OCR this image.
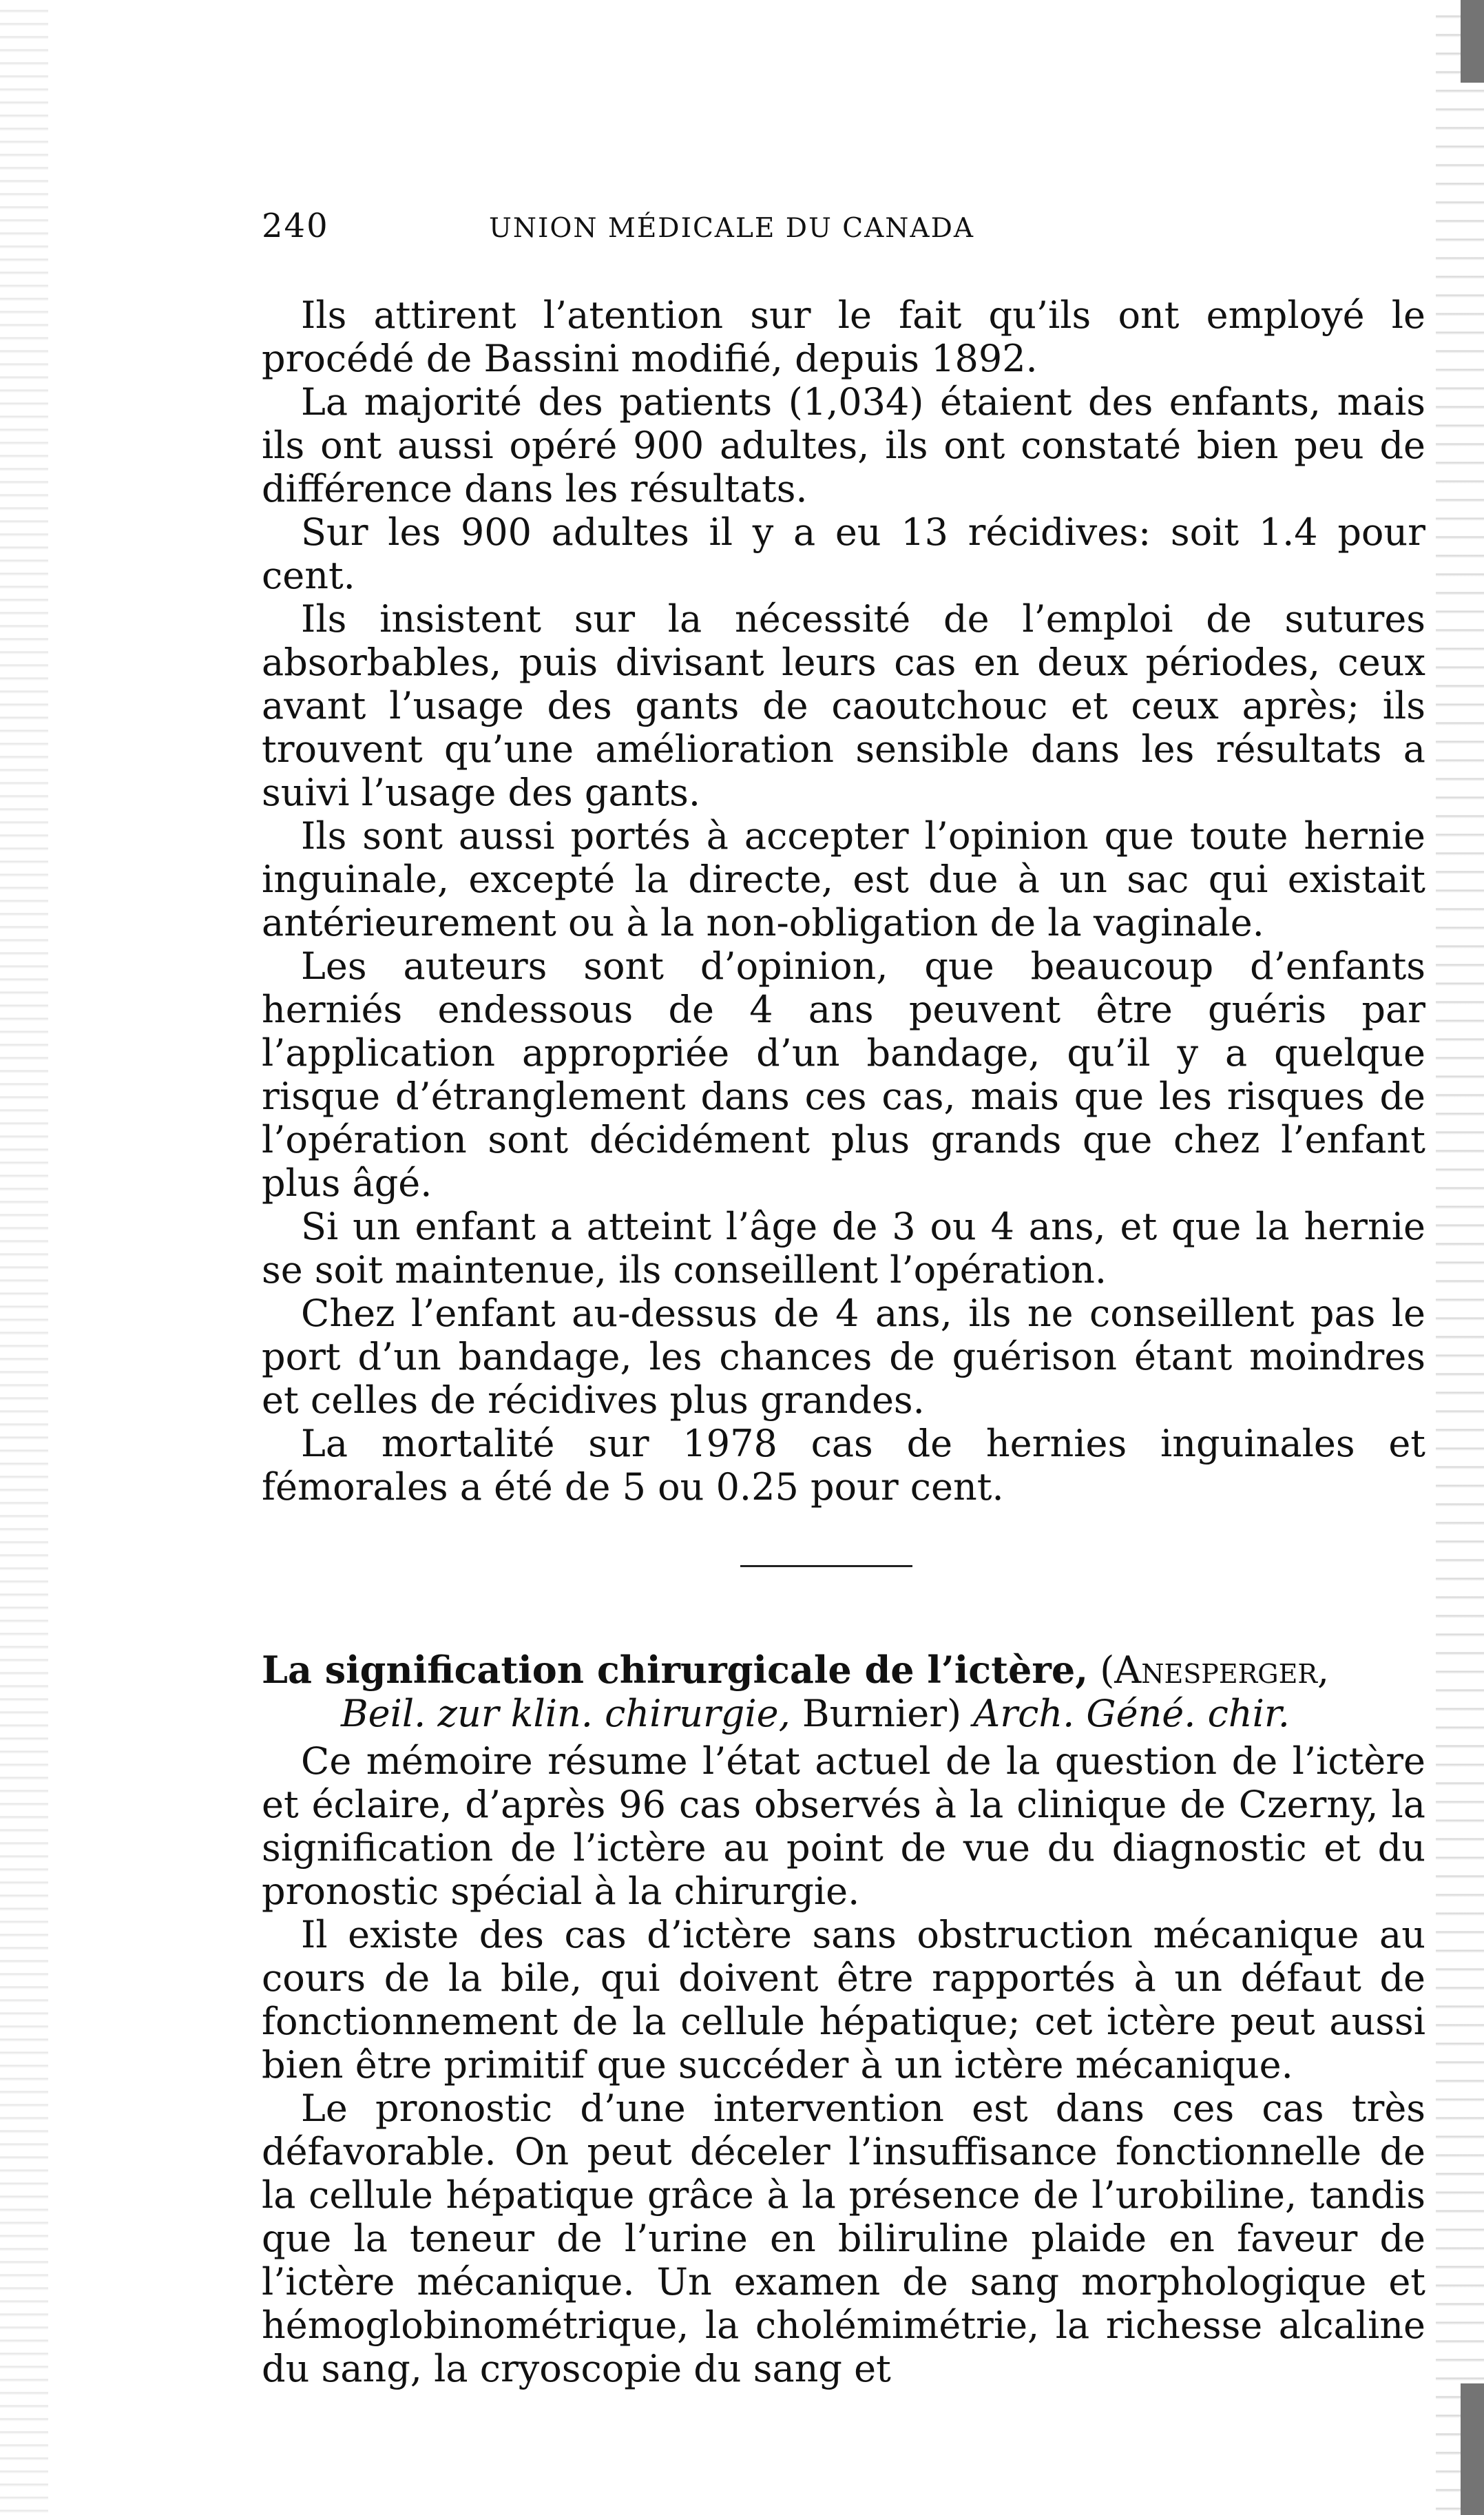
240	UNION MÉDICALE DU CANADA

Ils attirent l’atention sur le fait qu’ils ont employé le procédé de Bassini modifié, depuis 1892.

La majorité des patients (1,034) étaient des enfants, mais ils ont aussi opéré 900 adultes, ils ont constaté bien peu de différence dans les résultats.

Sur les 900 adultes il y a eu 13 récidives: soit 1.4 pour cent.

Ils insistent sur la nécessité de l’emploi de sutures absorbables, puis divisant leurs cas en deux périodes, ceux avant l’usage des gants de caoutchouc et ceux après; ils trouvent qu’une amélioration sensible dans les résultats a suivi l’usage des gants.

Ils sont aussi portés à accepter l’opinion que toute hernie inguinale, excepté la directe, est due à un sac qui existait antérieurement ou à la non-obligation de la vaginale.

Les auteurs sont d’opinion, que beaucoup d’enfants herniés endessous de 4 ans peuvent être guéris par l’application appropriée d’un bandage, qu’il y a quelque risque d’étranglement dans ces cas, mais que les risques de l’opération sont décidément plus grands que chez l’enfant plus âgé.

Si un enfant a atteint l’âge de 3 ou 4 ans, et que la hernie se soit maintenue, ils conseillent l’opération.

Chez l’enfant au-dessus de 4 ans, ils ne conseillent pas le port d’un bandage, les chances de guérison étant moindres et celles de récidives plus grandes.

La mortalité sur 1978 cas de hernies inguinales et fémorales a été de 5 ou 0.25 pour cent.

La signification chirurgicale de l’ictère, (Anesperger, Beil. zur klin. chirurgie, Burnier) Arch. Géné. chir.

Ce mémoire résume l’état actuel de la question de l’ictère et éclaire, d’après 96 cas observés à la clinique de Czerny, la signification de l’ictère au point de vue du diagnostic et du pronostic spécial à la chirurgie.

Il existe des cas d’ictère sans obstruction mécanique au cours de la bile, qui doivent être rapportés à un défaut de fonctionnement de la cellule hépatique; cet ictère peut aussi bien être primitif que succéder à un ictère mécanique.

Le pronostic d’une intervention est dans ces cas très défavorable. On peut déceler l’insuffisance fonctionnelle de la cellule hépatique grâce à la présence de l’urobiline, tandis que la teneur de l’urine en biliruline plaide en faveur de l’ictère mécanique. Un examen de sang morphologique et hémoglobinométrique, la cholémimétrie, la richesse alcaline du sang, la cryoscopie du sang et
